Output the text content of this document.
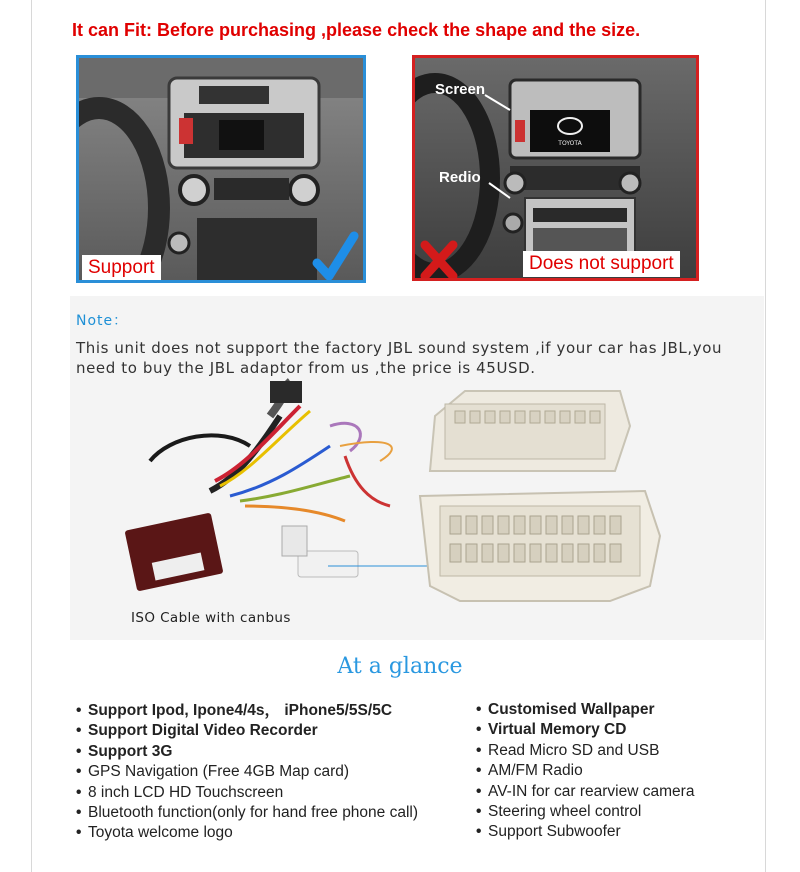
It can Fit: Before purchasing ,please check the shape and the size.
Support
TOYOTA
Screen
Redio
Does not support
Note：
This unit does not support the factory JBL sound system ,if your car has JBL,you need to buy the JBL adaptor from us ,the price is 45USD.
ISO Cable with canbus
At a glance
• Support Ipod, Ipone4/4s， iPhone5/5S/5C
• Support Digital Video Recorder
• Support 3G
• GPS Navigation (Free 4GB Map card)
• 8 inch LCD HD Touchscreen
• Bluetooth function(only for hand free phone call)
• Toyota welcome logo
• Customised Wallpaper
• Virtual Memory CD
• Read Micro SD and USB
• AM/FM Radio
• AV-IN for car rearview camera
• Steering wheel control
• Support Subwoofer
